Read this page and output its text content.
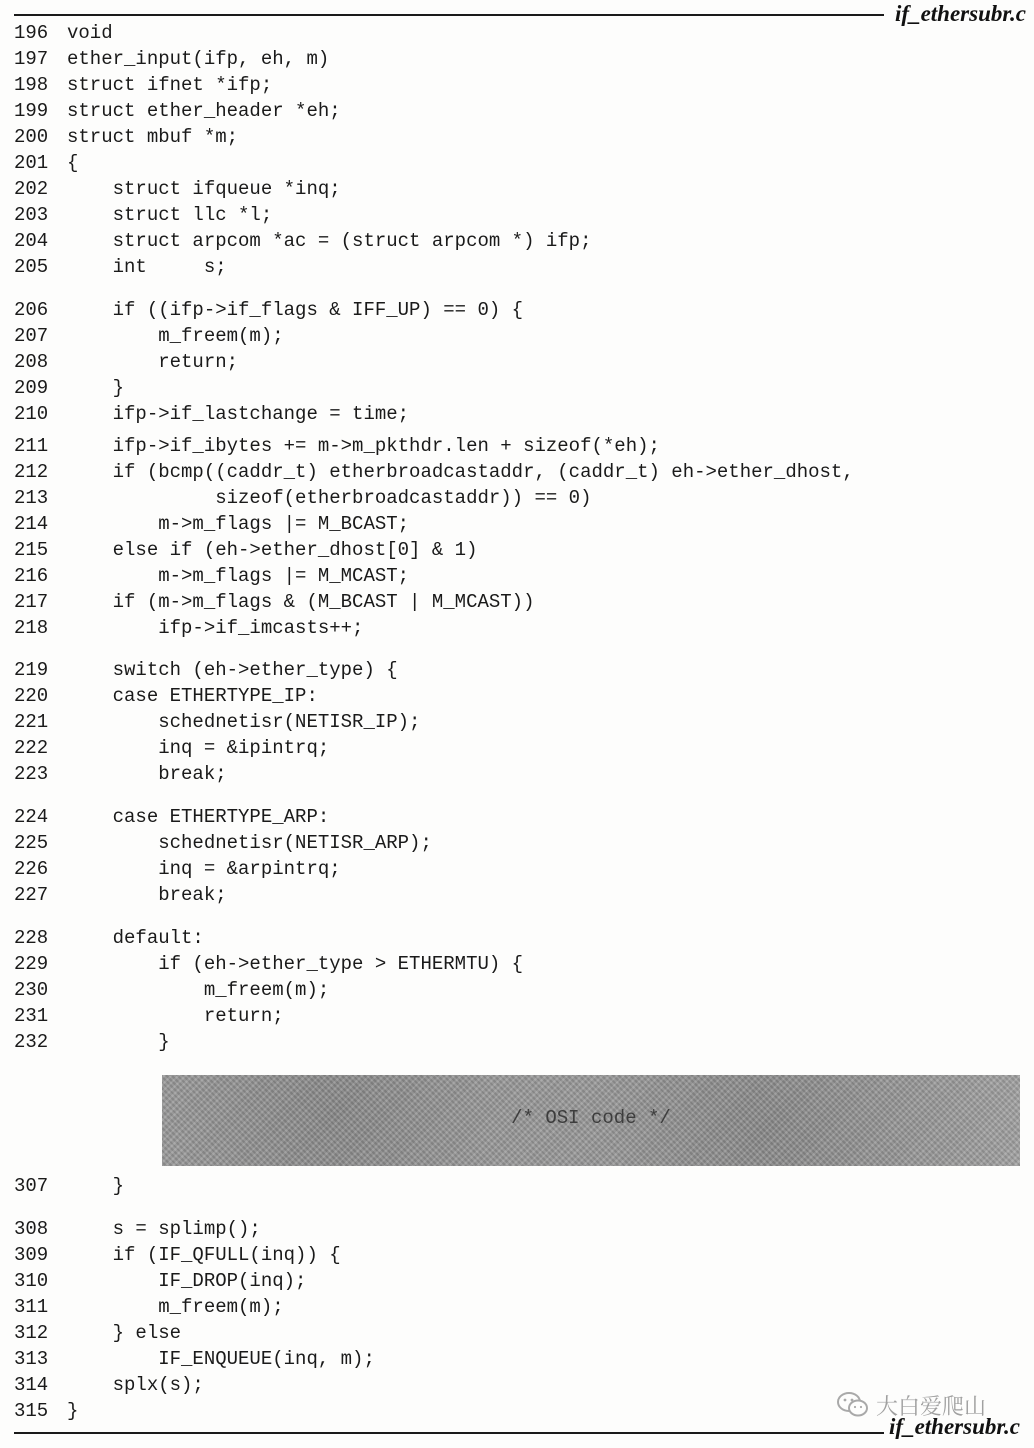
if_ethersubr.c
196 void
197 ether_input(ifp, eh, m)
198 struct ifnet *ifp;
199 struct ether_header *eh;
200 struct mbuf *m;
201 {
202 struct ifqueue *inq;
203 struct llc *l;
204 struct arpcom *ac = (struct arpcom *) ifp;
205 int     s;
206 if ((ifp->if_flags & IFF_UP) == 0) {
207 m_freem(m);
208 return;
209 }
210 ifp->if_lastchange = time;
211 ifp->if_ibytes += m->m_pkthdr.len + sizeof(*eh);
212 if (bcmp((caddr_t) etherbroadcastaddr, (caddr_t) eh->ether_dhost,
213 sizeof(etherbroadcastaddr)) == 0)
214 m->m_flags |= M_BCAST;
215 else if (eh->ether_dhost[0] & 1)
216 m->m_flags |= M_MCAST;
217 if (m->m_flags & (M_BCAST | M_MCAST))
218 ifp->if_imcasts++;
219 switch (eh->ether_type) {
220 case ETHERTYPE_IP:
221 schednetisr(NETISR_IP);
222 inq = &ipintrq;
223 break;
224 case ETHERTYPE_ARP:
225 schednetisr(NETISR_ARP);
226 inq = &arpintrq;
227 break;
228 default:
229 if (eh->ether_type > ETHERMTU) {
230 m_freem(m);
231 return;
232 }
307 }
308 s = splimp();
309 if (IF_QFULL(inq)) {
310 IF_DROP(inq);
311 m_freem(m);
312 } else
313 IF_ENQUEUE(inq, m);
314 splx(s);
315 }
/* OSI code */
大白爱爬山
if_ethersubr.c
